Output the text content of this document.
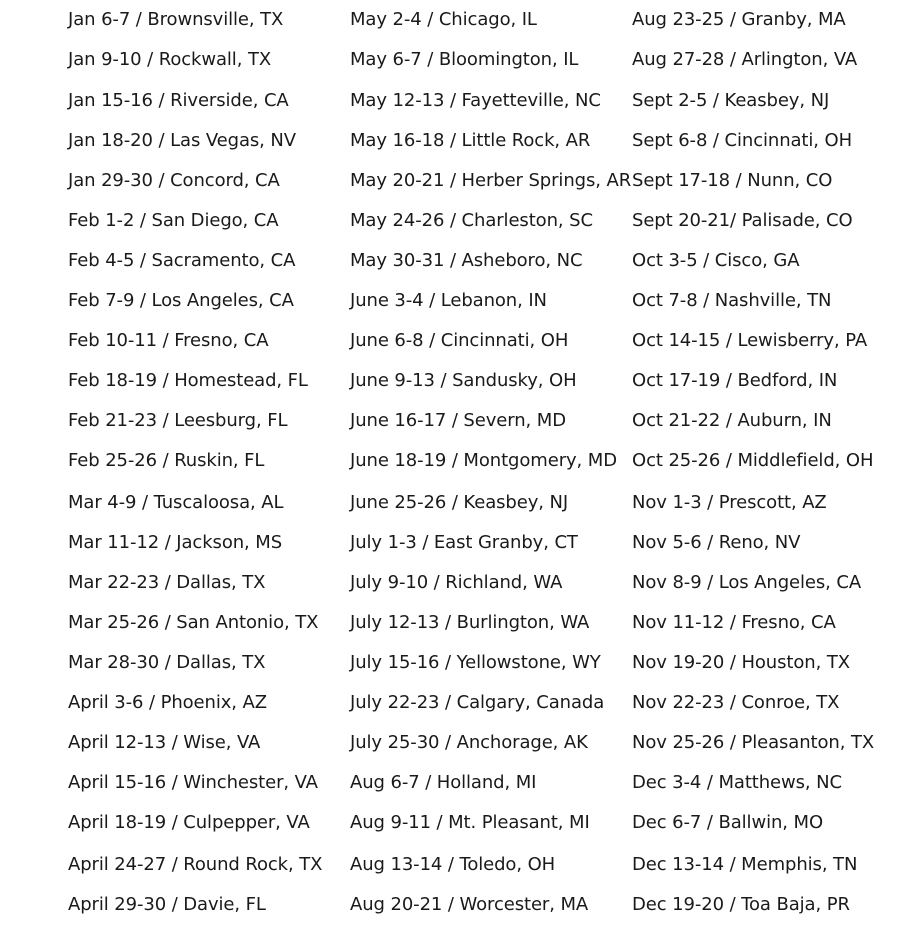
Jan 6-7 / Brownsville, TX
Jan 9-10 / Rockwall, TX
Jan 15-16 / Riverside, CA
Jan 18-20 / Las Vegas, NV
Jan 29-30 / Concord, CA
Feb 1-2 / San Diego, CA
Feb 4-5 / Sacramento, CA
Feb 7-9 / Los Angeles, CA
Feb 10-11 / Fresno, CA
Feb 18-19 / Homestead, FL
Feb 21-23 / Leesburg, FL
Feb 25-26 / Ruskin, FL
Mar 4-9 / Tuscaloosa, AL
Mar 11-12 / Jackson, MS
Mar 22-23 / Dallas, TX
Mar 25-26 / San Antonio, TX
Mar 28-30 / Dallas, TX
April 3-6 / Phoenix, AZ
April 12-13 / Wise, VA
April 15-16 / Winchester, VA
April 18-19 / Culpepper, VA
April 24-27 / Round Rock, TX
April 29-30 / Davie, FL
May 2-4 / Chicago, IL
May 6-7 / Bloomington, IL
May 12-13 / Fayetteville, NC
May 16-18 / Little Rock, AR
May 20-21 / Herber Springs, AR
May 24-26 / Charleston, SC
May 30-31 / Asheboro, NC
June 3-4 / Lebanon, IN
June 6-8 / Cincinnati, OH
June 9-13 / Sandusky, OH
June 16-17 / Severn, MD
June 18-19 / Montgomery, MD
June 25-26 / Keasbey, NJ
July 1-3 / East Granby, CT
July 9-10 / Richland, WA
July 12-13 / Burlington, WA
July 15-16 / Yellowstone, WY
July 22-23 / Calgary, Canada
July 25-30 / Anchorage, AK
Aug 6-7 / Holland, MI
Aug 9-11 / Mt. Pleasant, MI
Aug 13-14 / Toledo, OH
Aug 20-21 / Worcester, MA
Aug 23-25 / Granby, MA
Aug 27-28 / Arlington, VA
Sept 2-5 / Keasbey, NJ
Sept 6-8 / Cincinnati, OH
Sept 17-18 / Nunn, CO
Sept 20-21/ Palisade, CO
Oct 3-5 / Cisco, GA
Oct 7-8 / Nashville, TN
Oct 14-15 / Lewisberry, PA
Oct 17-19 / Bedford, IN
Oct 21-22 / Auburn, IN
Oct 25-26 / Middlefield, OH
Nov 1-3 / Prescott, AZ
Nov 5-6 / Reno, NV
Nov 8-9 / Los Angeles, CA
Nov 11-12 / Fresno, CA
Nov 19-20 / Houston, TX
Nov 22-23 / Conroe, TX
Nov 25-26 / Pleasanton, TX
Dec 3-4 / Matthews, NC
Dec 6-7 / Ballwin, MO
Dec 13-14 / Memphis, TN
Dec 19-20 / Toa Baja, PR
